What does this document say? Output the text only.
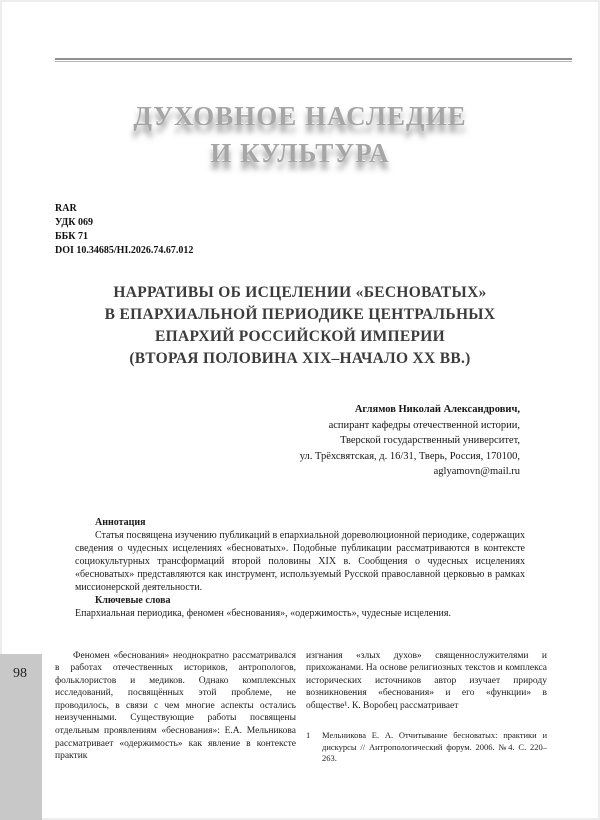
ДУХОВНОЕ НАСЛЕДИЕ
И КУЛЬТУРА
RAR
УДК 069
ББК 71
DOI 10.34685/HI.2026.74.67.012
НАРРАТИВЫ ОБ ИСЦЕЛЕНИИ «БЕСНОВАТЫХ»
В ЕПАРХИАЛЬНОЙ ПЕРИОДИКЕ ЦЕНТРАЛЬНЫХ
ЕПАРХИЙ РОССИЙСКОЙ ИМПЕРИИ
(ВТОРАЯ ПОЛОВИНА XIX–НАЧАЛО XX ВВ.)
Аглямов Николай Александрович,
аспирант кафедры отечественной истории,
Тверской государственный университет,
ул. Трёхсвятская, д. 16/31, Тверь, Россия, 170100,
aglyamovn@mail.ru
Аннотация

Статья посвящена изучению публикаций в епархиальной дореволюционной периодике, содержащих сведения о чудесных исцелениях «бесноватых». Подобные публикации рассматриваются в контексте социокультурных трансформаций второй половины XIX в. Сообщения о чудесных исцелениях «бесноватых» представляются как инструмент, используемый Русской православной церковью в рамках миссионерской деятельности.

Ключевые слова
Епархиальная периодика, феномен «беснования», «одержимость», чудесные исцеления.

Феномен «беснования» неоднократно рассматривался в работах отечественных историков, антропологов, фольклористов и медиков. Однако комплексных исследований, посвящённых этой проблеме, не проводилось, в связи с чем многие аспекты остались неизученными. Существующие работы посвящены отдельным проявлениям «беснования»: Е.А. Мельникова рассматривает «одержимость» как явление в контексте практик

изгнания «злых духов» священнослужителями и прихожанами. На основе религиозных текстов и комплекса исторических источников автор изучает природу возникновения «беснования» и его «функции» в обществе¹. К. Воробец рассматривает

1	Мельникова Е. А. Отчитывание бесноватых: практики и дискурсы // Антропологический форум. 2006. №4. С. 220–263.
98
